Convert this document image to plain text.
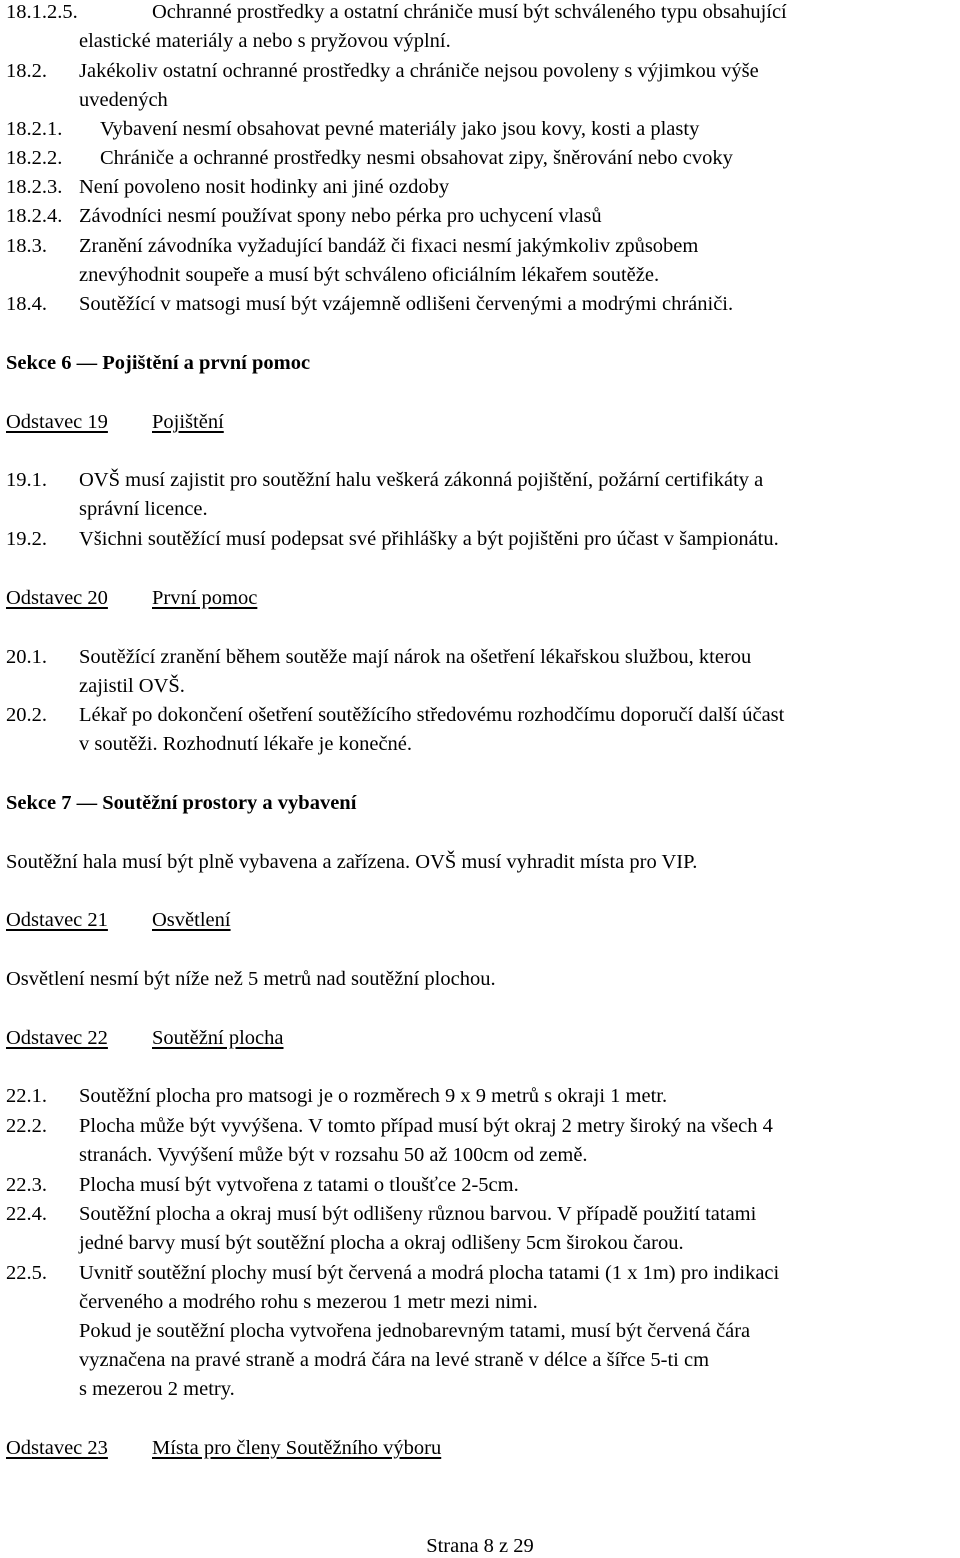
18.1.2.5.	Ochranné prostředky a ostatní chrániče musí být schváleného typu obsahující
elastické materiály a nebo s pryžovou výplní.
18.2. Jakékoliv ostatní ochranné prostředky a chrániče nejsou povoleny s výjimkou výše
uvedených
18.2.1. Vybavení nesmí obsahovat pevné materiály jako jsou kovy, kosti a plasty
18.2.2. Chrániče a ochranné prostředky nesmi obsahovat zipy, šněrování nebo cvoky
18.2.3. Není povoleno nosit hodinky ani jiné ozdoby
18.2.4. Závodníci nesmí používat spony nebo pérka pro uchycení vlasů
18.3. Zranění závodníka vyžadující bandáž či fixaci nesmí jakýmkoliv způsobem
znevýhodnit soupeře a musí být schváleno oficiálním lékařem soutěže.
18.4. Soutěžící v matsogi musí být vzájemně odlišeni červenými a modrými chrániči.
Sekce 6 — Pojištění a první pomoc
Odstavec 19 Pojištění
19.1. OVŠ musí zajistit pro soutěžní halu veškerá zákonná pojištění, požární certifikáty a
správní licence.
19.2. Všichni soutěžící musí podepsat své přihlášky a být pojištěni pro účast v šampionátu.
Odstavec 20 První pomoc
20.1. Soutěžící zranění během soutěže mají nárok na ošetření lékařskou službou, kterou
zajistil OVŠ.
20.2. Lékař po dokončení ošetření soutěžícího středovému rozhodčímu doporučí další účast
v soutěži. Rozhodnutí lékaře je konečné.
Sekce 7 — Soutěžní prostory a vybavení
Soutěžní hala musí být plně vybavena a zařízena. OVŠ musí vyhradit místa pro VIP.
Odstavec 21 Osvětlení
Osvětlení nesmí být níže než 5 metrů nad soutěžní plochou.
Odstavec 22 Soutěžní plocha
22.1. Soutěžní plocha pro matsogi je o rozměrech 9 x 9 metrů s okraji 1 metr.
22.2. Plocha může být vyvýšena. V tomto případ musí být okraj 2 metry široký na všech 4
stranách. Vyvýšení může být v rozsahu 50 až 100cm od země.
22.3. Plocha musí být vytvořena z tatami o tloušťce 2-5cm.
22.4. Soutěžní plocha a okraj musí být odlišeny různou barvou. V případě použití tatami
jedné barvy musí být soutěžní plocha a okraj odlišeny 5cm širokou čarou.
22.5. Uvnitř soutěžní plochy musí být červená a modrá plocha tatami (1 x 1m) pro indikaci
červeného a modrého rohu s mezerou 1 metr mezi nimi.
Pokud je soutěžní plocha vytvořena jednobarevným tatami, musí být červená čára
vyznačena na pravé straně a modrá čára na levé straně v délce a šířce 5-ti cm
s mezerou 2 metry.
Odstavec 23 Místa pro členy Soutěžního výboru
Strana 8 z 29
